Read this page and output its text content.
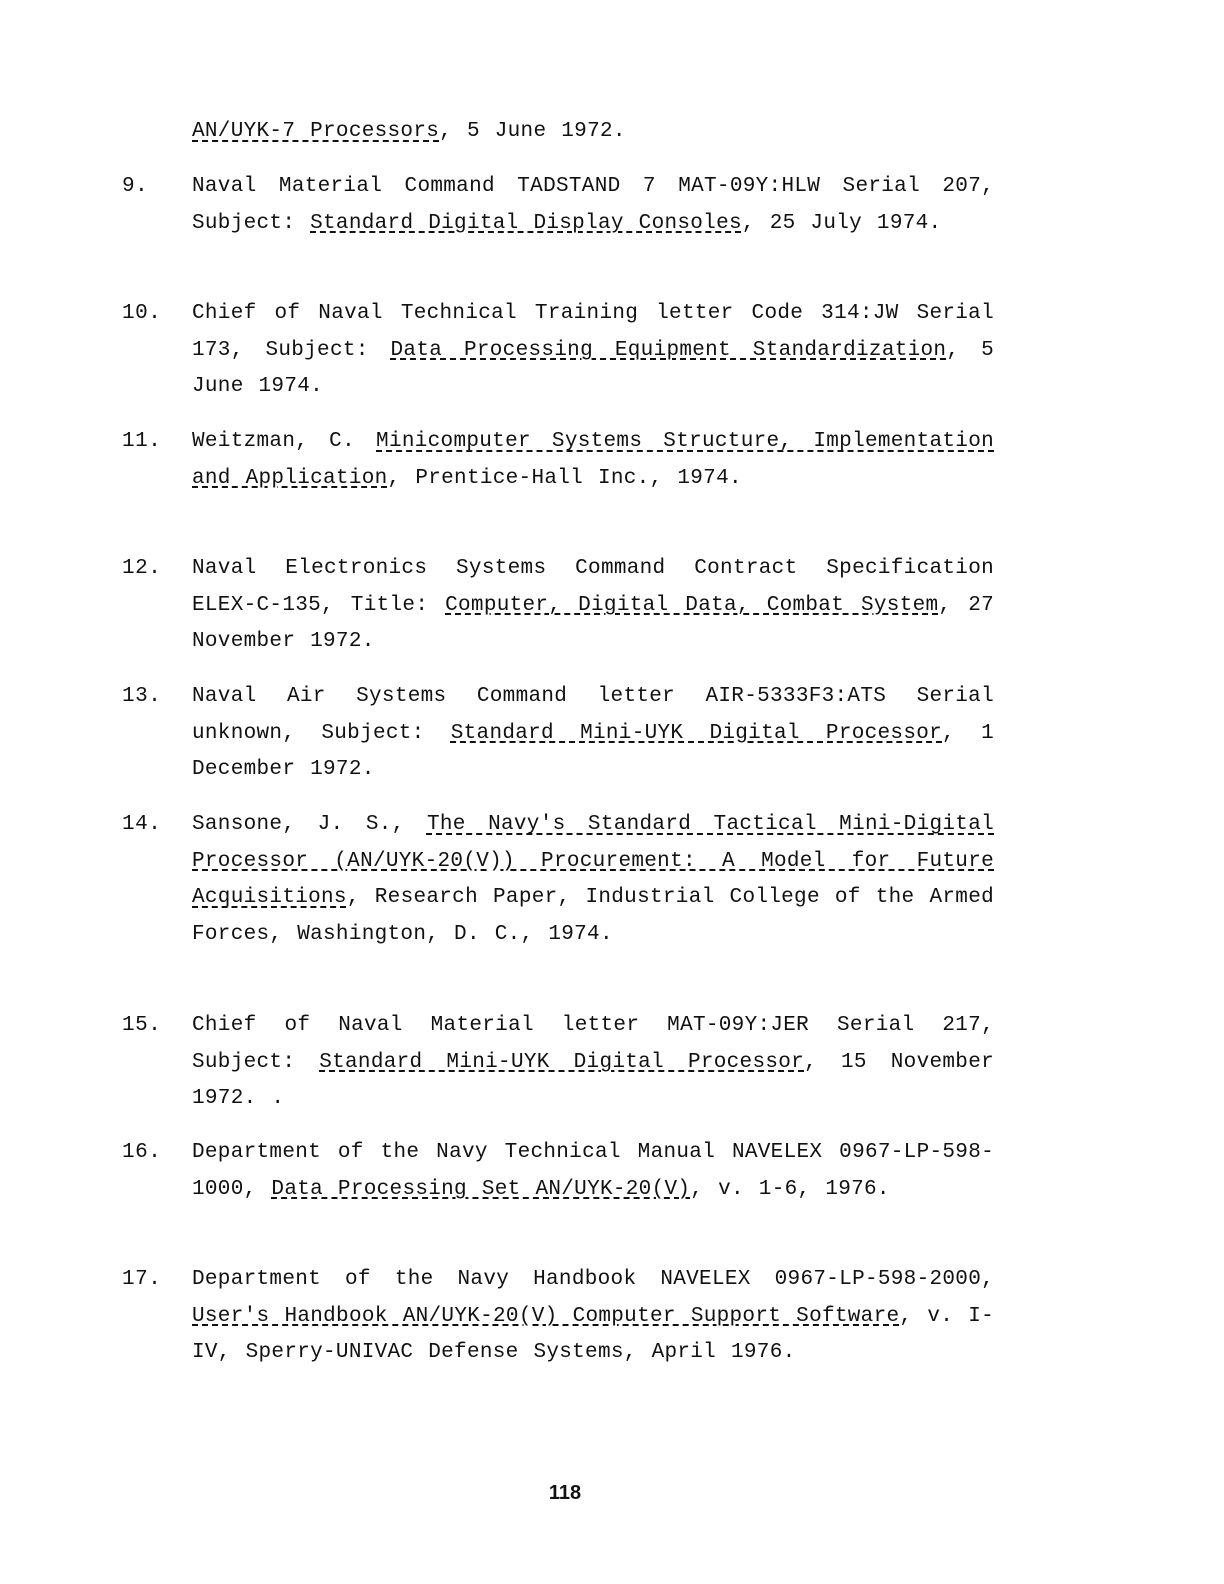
AN/UYK-7 Processors, 5 June 1972.
9.	Naval Material Command TADSTAND 7 MAT-09Y:HLW Serial 207, Subject: Standard Digital Display Consoles, 25 July 1974.
10.	Chief of Naval Technical Training letter Code 314:JW Serial 173, Subject: Data Processing Equipment Standardization, 5 June 1974.
11.	Weitzman, C. Minicomputer Systems Structure, Implementation and Application, Prentice-Hall Inc., 1974.
12.	Naval Electronics Systems Command Contract Specification ELEX-C-135, Title: Computer, Digital Data, Combat System, 27 November 1972.
13.	Naval Air Systems Command letter AIR-5333F3:ATS Serial unknown, Subject: Standard Mini-UYK Digital Processor, 1 December 1972.
14.	Sansone, J. S., The Navy's Standard Tactical Mini-Digital Processor (AN/UYK-20(V)) Procurement: A Model for Future Acquisitions, Research Paper, Industrial College of the Armed Forces, Washington, D. C., 1974.
15.	Chief of Naval Material letter MAT-09Y:JER Serial 217, Subject: Standard Mini-UYK Digital Processor, 15 November 1972. .
16.	Department of the Navy Technical Manual NAVELEX 0967-LP-598-1000, Data Processing Set AN/UYK-20(V), v. 1-6, 1976.
17.	Department of the Navy Handbook NAVELEX 0967-LP-598-2000, User's Handbook AN/UYK-20(V) Computer Support Software, v. I-IV, Sperry-UNIVAC Defense Systems, April 1976.
118
